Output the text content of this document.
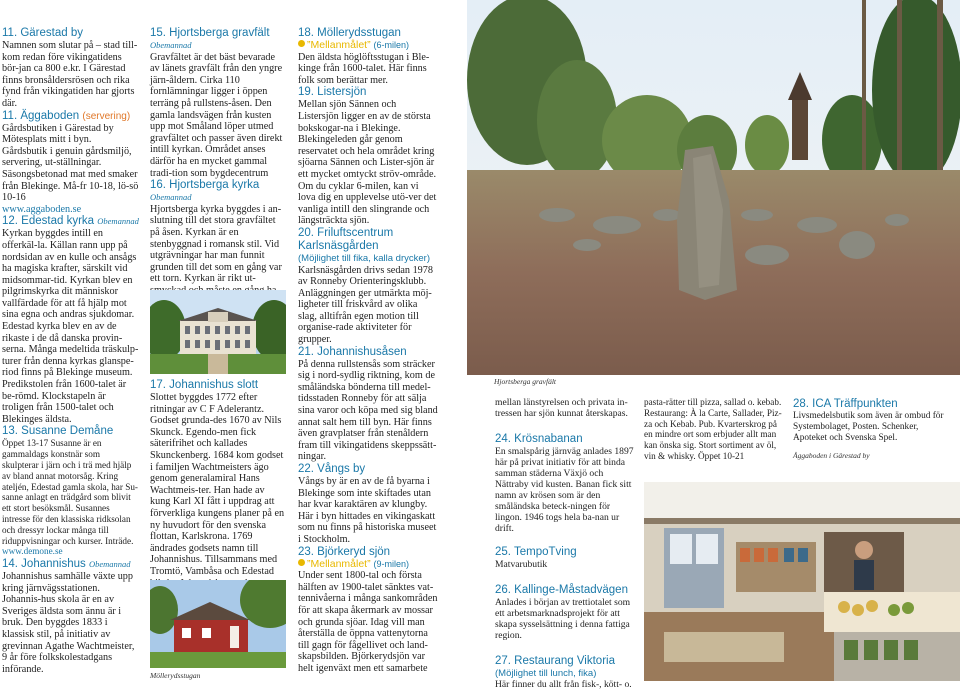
11. Gärestad by

Namnen som slutar på – stad till-kom redan före vikingatidens bör-jan ca 800 e.kr. I Gärestad finns bronsåldersrösen och rika fynd från vikingatiden har gjorts där.

11. Äggaboden (servering)

Gårdsbutiken i Gärestad by Mötesplats mitt i byn. Gårdsbutik i genuin gårdsmiljö, servering, ut-ställningar. Säsongsbetonad mat med smaker från Blekinge. Må-fr 10-18, lö-sö 10-16

www.aggaboden.se

12. Edestad kyrka Obemannad

Kyrkan byggdes intill en offerkäl-la. Källan rann upp på nordsidan av en kulle och ansågs ha magiska krafter, särskilt vid midsommar-tid. Kyrkan blev en pilgrimskyrka dit människor vallfärdade för att få hjälp mot sina egna och andras sjukdomar. Edestad kyrka blev en av de rikaste i de då danska provin-serna. Många medeltida träskulp-turer från denna kyrkas glanspe-riod finns på Blekinge museum. Predikstolen från 1600-talet är be-römd. Klockstapeln är troligen från 1500-talet och Blekinges äldsta.

13. Susanne Demåne

Öppet 13-17 Susanne är en gammaldags konstnär som skulpterar i järn och i trä med hjälp av bland annat motorsåg. Kring ateljén, Edestad gamla skola, har Su-sanne anlagt en trädgård som blivit ett stort besöksmål. Susannes intresse för den klassiska ridksolan och dressyr lockar många till riduppvisningar och kurser. Inträde.

www.demone.se

14. Johannishus Obemannad

Johannishus samhälle växte upp kring järnvägsstationen. Johannis-hus skola är en av Sveriges äldsta som ännu är i bruk. Den byggdes 1833 i klassisk stil, på initiativ av grevinnan Agathe Wachtmeister, 9 år före folkskolestadgans införande.

15. Hjortsberga gravfält
Obemannad

Gravfältet är det bäst bevarade av länets gravfält från den yngre järn-åldern. Cirka 110 fornlämningar ligger i öppen terräng på rullstens-åsen. Den gamla landsvägen från kusten upp mot Småland löper utmed gravfältet och passer även direkt intill kyrkan. Området anses därför ha en mycket gammal tradi-tion som bygdecentrum

16. Hjortsberga kyrka
Obemannad

Hjortsberga kyrka byggdes i an-slutning till det stora gravfältet på åsen. Kyrkan är en stenbyggnad i romansk stil. Vid utgrävningar har man funnit grunden till det som en gång var ett torn. Kyrkan är rikt ut-

17. Johannishus slott

Slottet byggdes 1772 efter ritningar av C F Adelerantz. Godset grunda-des 1670 av Nils Skunck. Egendo-men fick säterifrihet och kallades Skunckenberg. 1684 kom godset i familjen Wachtmeisters ägo genom generalamiral Hans Wachtmeis-ter. Han hade av kung Karl XI fått i uppdrag att förverkliga kungens planer på en ny huvudort för den svenska flottan, Karlskrona. 1769 ändrades godsets namn till Johannishus. Tillsammans med Tromtö, Vambåsa och Edestad

Möllerydsstugan
18. Möllerydsstugan
”Mellanmålet” (6-milen)

Den äldsta höglöftsstugan i Ble-kinge från 1600-talet. Här finns folk som berättar mer.

19. Listersjön

Mellan sjön Sännen och Listersjön ligger en av de största bokskogar-na i Blekinge. Blekingeleden går genom reservatet och hela området kring sjöarna Sännen och Lister-sjön är ett mycket omtyckt ströv-område. Om du cyklar 6-milen, kan vi lova dig en upplevelse utö-ver det vanliga intill den slingrande och längsträckta sjön.

20. Friluftscentrum Karlsnäsgården
(Möjlighet till fika, kalla drycker)

Karlsnäsgården drivs sedan 1978 av Ronneby Orienteringsklubb. Anläggningen ger utmärkta möj-ligheter till friskvård av olika slag, alltifrån egen motion till organise-rade aktiviteter för grupper.

21. Johannishusåsen

På denna rullstensås som sträcker sig i nord-sydlig riktning, kom de småländska bönderna till medel-tidsstaden Ronneby för att sälja sina varor och köpa med sig bland annat salt hem till byn. Här finns även gravplatser från stenåldern fram till vikingatidens skeppssätt-ningar.

22. Vångs by

Vångs by är en av de få byarna i Blekinge som inte skiftades utan har kvar karaktären av klungby. Här i byn hittades en vikingaskatt som nu finns på historiska museet i Stockholm.

23. Björkeryd sjön
”Mellanmålet” (9-milen)

Under sent 1800-tal och första hälften av 1900-talet sänktes vat-tennivåerna i många sankområden för att skapa åkermark av mossar och grunda sjöar. Idag vill man återställa de öppna vattenytorna till gagn för fågellivet och land-skapsbilden. Björkerydsjön var helt igenväxt men ett samarbete

Hjortsberga gravfält

mellan länstyrelsen och privata in-tressen har sjön kunnat återskapas.

24. Krösnabanan

En smalspårig järnväg anlades 1897 här på privat initiativ för att binda samman städerna Växjö och Nättraby vid kusten. Banan fick sitt namn av krösen som är den småländska beteck-ningen för lingon. 1946 togs hela ba-nan ur drift.

25. TempoTving

Matvarubutik

26. Kallinge-Måstadvägen

Anlades i början av trettiotalet som ett arbetsmarknadsprojekt för att skapa sysselsättning i denna fattiga region.

27. Restaurang Viktoria
(Möjlighet till lunch, fika)

Här finner du allt från fisk-, kött- o.

pasta-rätter till pizza, sallad o. kebab. Restaurang: À la Carte, Sallader, Piz-za och Kebab. Pub. Kvarterskrog på en mindre ort som erbjuder allt man kan önska sig. Stort sortiment av öl, vin & whisky. Öppet 10-21

28. ICA Träffpunkten

Livsmedelsbutik som även är ombud för Systembolaget, Posten. Schenker, Apoteket och Svenska Spel.

Äggaboden i Gärestad by
